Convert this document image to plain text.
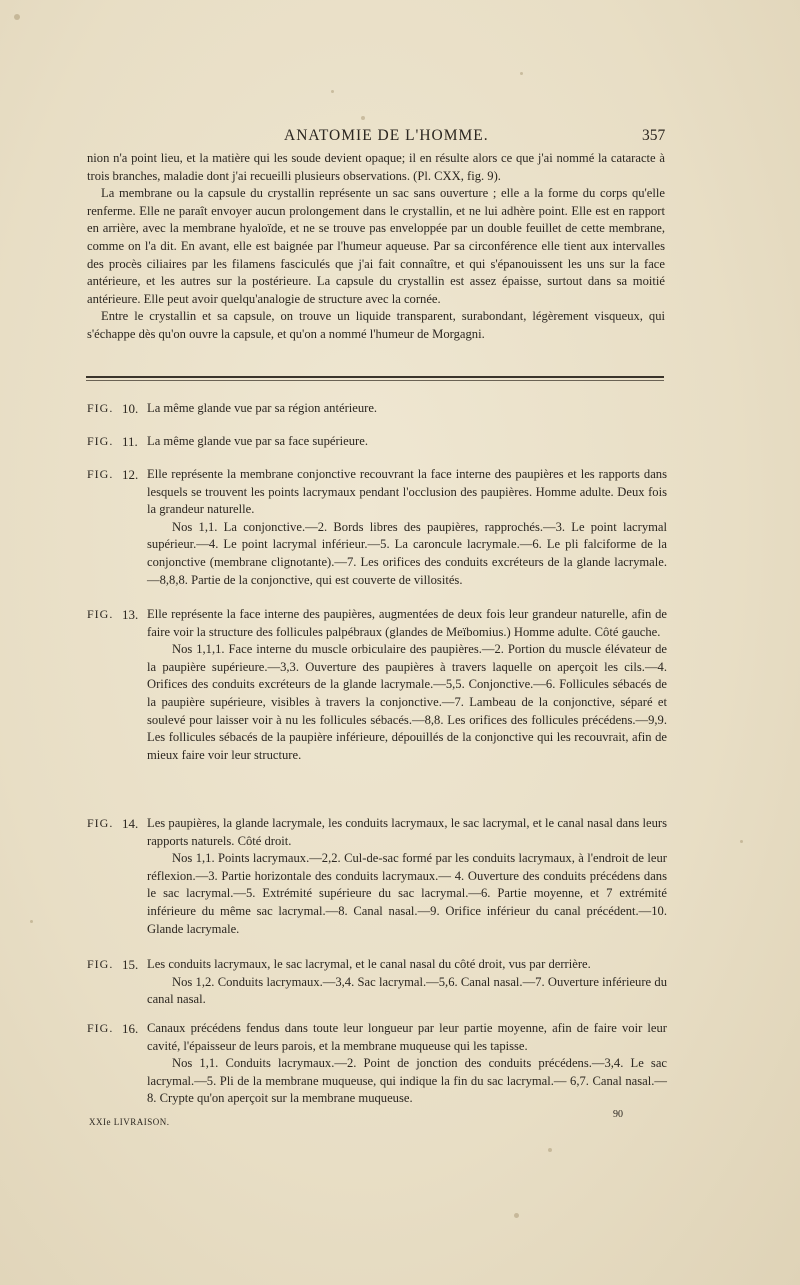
ANATOMIE DE L'HOMME.	357

nion n'a point lieu, et la matière qui les soude devient opaque; il en résulte alors ce que j'ai nommé la cataracte à trois branches, maladie dont j'ai recueilli plusieurs observations. (Pl. CXX, fig. 9).

La membrane ou la capsule du crystallin représente un sac sans ouverture ; elle a la forme du corps qu'elle renferme. Elle ne paraît envoyer aucun prolongement dans le crystallin, et ne lui adhère point. Elle est en rapport en arrière, avec la membrane hyaloïde, et ne se trouve pas enveloppée par un double feuillet de cette membrane, comme on l'a dit. En avant, elle est baignée par l'humeur aqueuse. Par sa circonférence elle tient aux intervalles des procès ciliaires par les filamens fasciculés que j'ai fait connaître, et qui s'épanouissent les uns sur la face antérieure, et les autres sur la postérieure. La capsule du crystallin est assez épaisse, surtout dans sa moitié antérieure. Elle peut avoir quelqu'analogie de structure avec la cornée.

Entre le crystallin et sa capsule, on trouve un liquide transparent, surabondant, légèrement visqueux, qui s'échappe dès qu'on ouvre la capsule, et qu'on a nommé l'humeur de Morgagni.

FIG. 10. La même glande vue par sa région antérieure.

FIG. 11. La même glande vue par sa face supérieure.

FIG. 12. Elle représente la membrane conjonctive recouvrant la face interne des paupières et les rapports dans lesquels se trouvent les points lacrymaux pendant l'occlusion des paupières. Homme adulte. Deux fois la grandeur naturelle.

Nos 1,1. La conjonctive.—2. Bords libres des paupières, rapprochés.—3. Le point lacrymal supérieur.—4. Le point lacrymal inférieur.—5. La caroncule lacrymale.—6. Le pli falciforme de la conjonctive (membrane clignotante).—7. Les orifices des conduits excréteurs de la glande lacrymale.—8,8,8. Partie de la conjonctive, qui est couverte de villosités.

FIG. 13. Elle représente la face interne des paupières, augmentées de deux fois leur grandeur naturelle, afin de faire voir la structure des follicules palpébraux (glandes de Meïbomius.) Homme adulte. Côté gauche.

Nos 1,1,1. Face interne du muscle orbiculaire des paupières.—2. Portion du muscle élévateur de la paupière supérieure.—3,3. Ouverture des paupières à travers laquelle on aperçoit les cils.—4. Orifices des conduits excréteurs de la glande lacrymale.—5,5. Conjonctive.—6. Follicules sébacés de la paupière supérieure, visibles à travers la conjonctive.—7. Lambeau de la conjonctive, séparé et soulevé pour laisser voir à nu les follicules sébacés.—8,8. Les orifices des follicules précédens.—9,9. Les follicules sébacés de la paupière inférieure, dépouillés de la conjonctive qui les recouvrait, afin de mieux faire voir leur structure.

FIG. 14. Les paupières, la glande lacrymale, les conduits lacrymaux, le sac lacrymal, et le canal nasal dans leurs rapports naturels. Côté droit.

Nos 1,1. Points lacrymaux.—2,2. Cul-de-sac formé par les conduits lacrymaux, à l'endroit de leur réflexion.—3. Partie horizontale des conduits lacrymaux.— 4. Ouverture des conduits précédens dans le sac lacrymal.—5. Extrémité supérieure du sac lacrymal.—6. Partie moyenne, et 7 extrémité inférieure du même sac lacrymal.—8. Canal nasal.—9. Orifice inférieur du canal précédent.—10. Glande lacrymale.

FIG. 15. Les conduits lacrymaux, le sac lacrymal, et le canal nasal du côté droit, vus par derrière.

Nos 1,2. Conduits lacrymaux.—3,4. Sac lacrymal.—5,6. Canal nasal.—7. Ouverture inférieure du canal nasal.

FIG. 16. Canaux précédens fendus dans toute leur longueur par leur partie moyenne, afin de faire voir leur cavité, l'épaisseur de leurs parois, et la membrane muqueuse qui les tapisse.

Nos 1,1. Conduits lacrymaux.—2. Point de jonction des conduits précédens.—3,4. Le sac lacrymal.—5. Pli de la membrane muqueuse, qui indique la fin du sac lacrymal.— 6,7. Canal nasal.—8. Crypte qu'on aperçoit sur la membrane muqueuse.

XXIe LIVRAISON.
90
